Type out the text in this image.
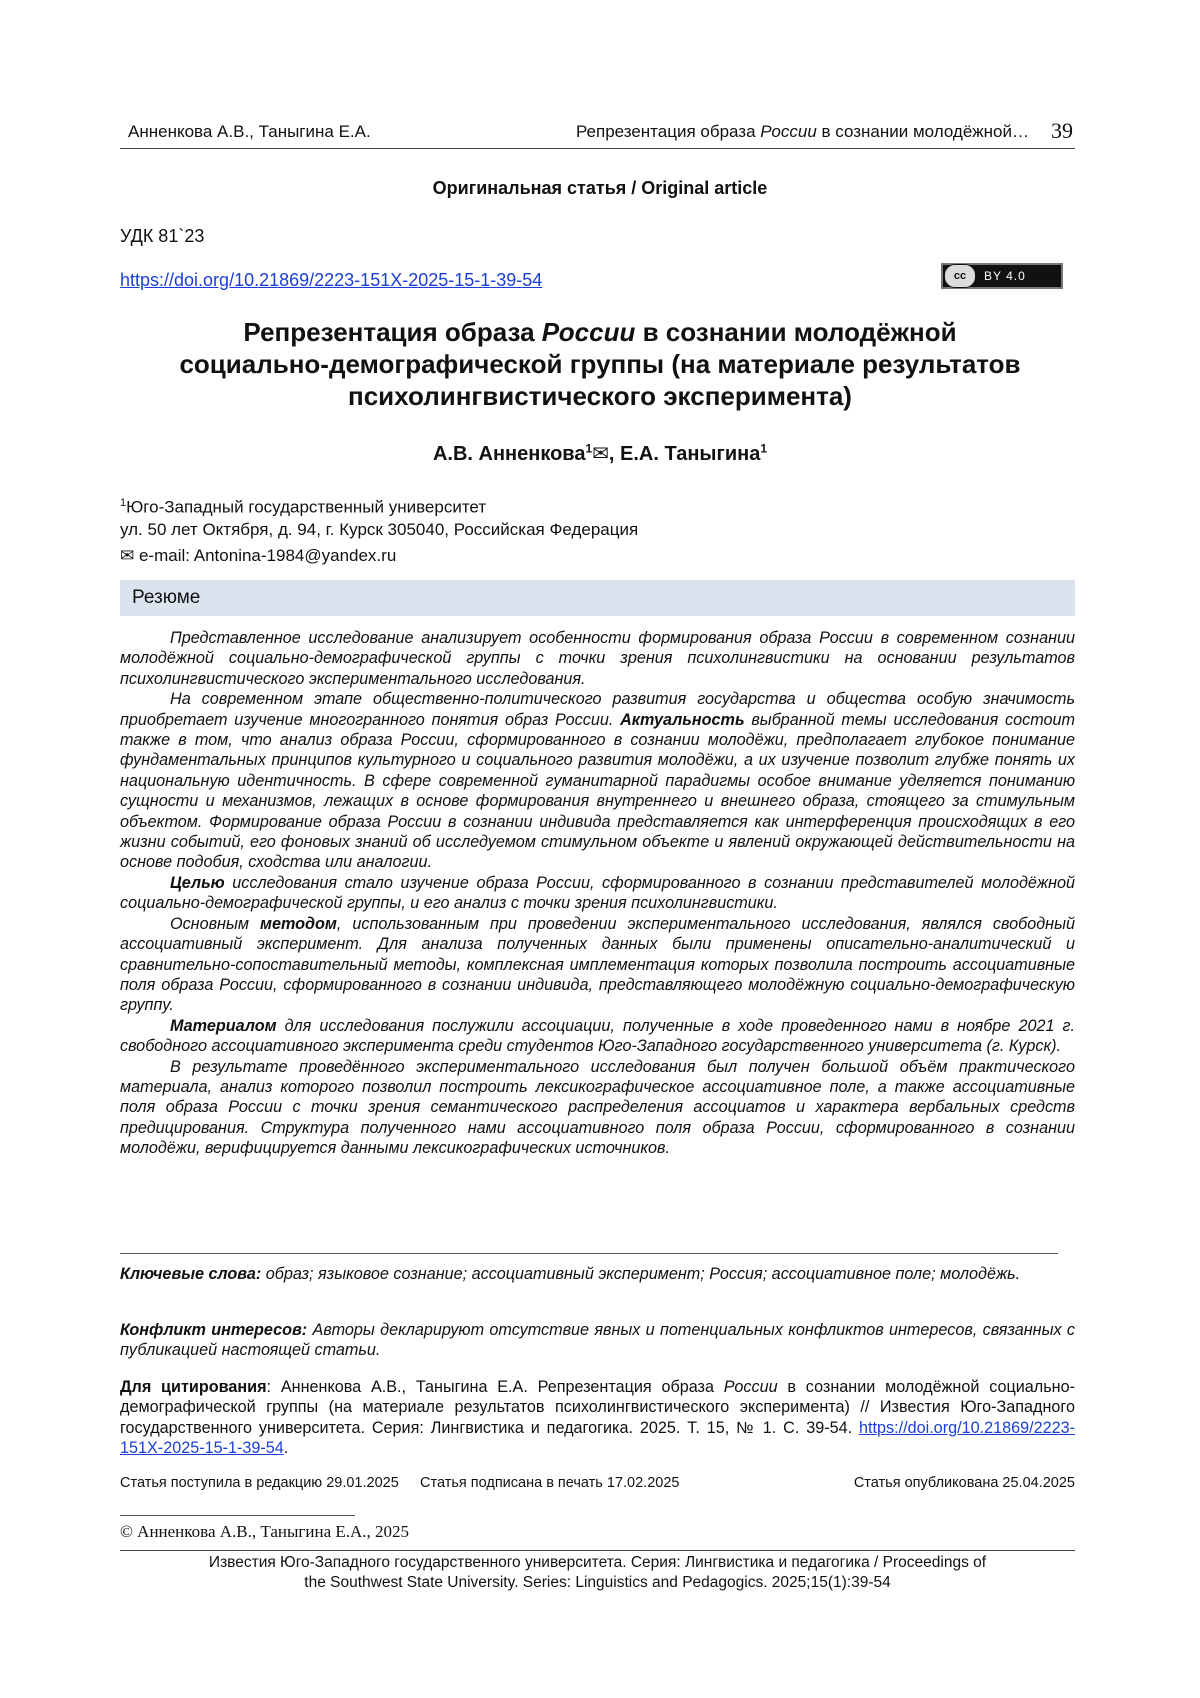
Анненкова А.В., Таныгина Е.А.	Репрезентация образа России в сознании молодёжной… 39
Оригинальная статья / Original article
УДК 81`23
https://doi.org/10.21869/2223-151X-2025-15-1-39-54	cc	BY 4.0
Репрезентация образа России в сознании молодёжной
социально-демографической группы (на материале результатов
психолингвистического эксперимента)
А.В. Анненкова$^1$✉, Е.А. Таныгина$^1$
$^1$Юго-Западный государственный университет
ул. 50 лет Октября, д. 94, г. Курск 305040, Российская Федерация
✉ e-mail: Antonina-1984@yandex.ru
Резюме

Представленное исследование анализирует особенности формирования образа России в современном сознании молодёжной социально-демографической группы с точки зрения психолингвистики на основании результатов психолингвистического экспериментального исследования.

На современном этапе общественно-политического развития государства и общества особую значимость приобретает изучение многогранного понятия образ России. Актуальность выбранной темы исследования состоит также в том, что анализ образа России, сформированного в сознании молодёжи, предполагает глубокое понимание фундаментальных принципов культурного и социального развития молодёжи, а их изучение позволит глубже понять их национальную идентичность. В сфере современной гуманитарной парадигмы особое внимание уделяется пониманию сущности и механизмов, лежащих в основе формирования внутреннего и внешнего образа, стоящего за стимульным объектом. Формирование образа России в сознании индивида представляется как интерференция происходящих в его жизни событий, его фоновых знаний об исследуемом стимульном объекте и явлений окружающей действительности на основе подобия, сходства или аналогии.

Целью исследования стало изучение образа России, сформированного в сознании представителей молодёжной социально-демографической группы, и его анализ с точки зрения психолингвистики.

Основным методом, использованным при проведении экспериментального исследования, являлся свободный ассоциативный эксперимент. Для анализа полученных данных были применены описательно-аналитический и сравнительно-сопоставительный методы, комплексная имплементация которых позволила построить ассоциативные поля образа России, сформированного в сознании индивида, представляющего молодёжную социально-демографическую группу.

Материалом для исследования послужили ассоциации, полученные в ходе проведенного нами в ноябре 2021 г. свободного ассоциативного эксперимента среди студентов Юго-Западного государственного университета (г. Курск).

В результате проведённого экспериментального исследования был получен большой объём практического материала, анализ которого позволил построить лексикографическое ассоциативное поле, а также ассоциативные поля образа России с точки зрения семантического распределения ассоциатов и характера вербальных средств предицирования. Структура полученного нами ассоциативного поля образа России, сформированного в сознании молодёжи, верифицируется данными лексикографических источников.

Ключевые слова: образ; языковое сознание; ассоциативный эксперимент; Россия; ассоциативное поле; молодёжь.
Конфликт интересов: Авторы декларируют отсутствие явных и потенциальных конфликтов интересов, связанных с публикацией настоящей статьи.
Для цитирования: Анненкова А.В., Таныгина Е.А. Репрезентация образа России в сознании молодёжной социально-демографической группы (на материале результатов психолингвистического эксперимента) // Известия Юго-Западного государственного университета. Серия: Лингвистика и педагогика. 2025. Т. 15, № 1. С. 39-54. https://doi.org/10.21869/2223-151X-2025-15-1-39-54.
Статья поступила в редакцию 29.01.2025 Статья подписана в печать 17.02.2025	Статья опубликована 25.04.2025
© Анненкова А.В., Таныгина Е.А., 2025
Известия Юго-Западного государственного университета. Серия: Лингвистика и педагогика / Proceedings of
the Southwest State University. Series: Linguistics and Pedagogics. 2025;15(1):39-54
